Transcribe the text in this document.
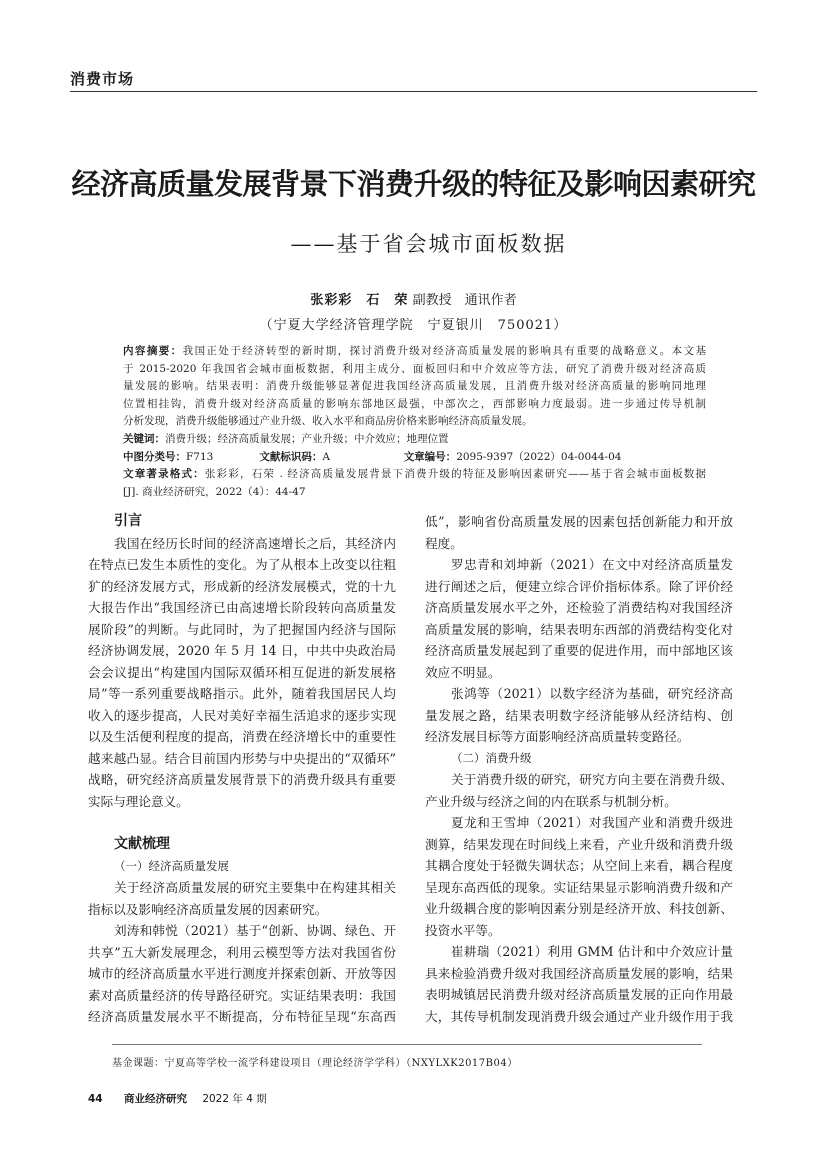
消费市场
经济高质量发展背景下消费升级的特征及影响因素研究
——基于省会城市面板数据
张彩彩　石　荣 副教授　通讯作者
（宁夏大学经济管理学院　宁夏银川　750021）
内容摘要：我国正处于经济转型的新时期，探讨消费升级对经济高质量发展的影响具有重要的战略意义。本文基
于 2015-2020 年我国省会城市面板数据，利用主成分、面板回归和中介效应等方法，研究了消费升级对经济高质
量发展的影响。结果表明：消费升级能够显著促进我国经济高质量发展，且消费升级对经济高质量的影响同地理
位置相挂钩，消费升级对经济高质量的影响东部地区最强，中部次之，西部影响力度最弱。进一步通过传导机制
分析发现，消费升级能够通过产业升级、收入水平和商品房价格来影响经济高质量发展。
关键词：消费升级；经济高质量发展；产业升级；中介效应；地理位置
中图分类号：F713	文献标识码：A	文章编号：2095-9397（2022）04-0044-04
文章著录格式：张彩彩，石荣 . 经济高质量发展背景下消费升级的特征及影响因素研究——基于省会城市面板数据
[J]. 商业经济研究，2022（4）：44-47
引言
我国在经历长时间的经济高速增长之后，其经济内
在特点已发生本质性的变化。为了从根本上改变以往粗
犷的经济发展方式，形成新的经济发展模式，党的十九
大报告作出“我国经济已由高速增长阶段转向高质量发
展阶段”的判断。与此同时，为了把握国内经济与国际
经济协调发展，2020 年 5 月 14 日，中共中央政治局
会会议提出“构建国内国际双循环相互促进的新发展格
局”等一系列重要战略指示。此外，随着我国居民人均
收入的逐步提高，人民对美好幸福生活追求的逐步实现
以及生活便利程度的提高，消费在经济增长中的重要性
越来越凸显。结合目前国内形势与中央提出的“双循环”
战略，研究经济高质量发展背景下的消费升级具有重要
实际与理论意义。
文献梳理
（一）经济高质量发展
关于经济高质量发展的研究主要集中在构建其相关
指标以及影响经济高质量发展的因素研究。
刘涛和韩悦（2021）基于“创新、协调、绿色、开
共享”五大新发展理念，利用云模型等方法对我国省份
城市的经济高质量水平进行测度并探索创新、开放等因
素对高质量经济的传导路径研究。实证结果表明：我国
经济高质量发展水平不断提高，分布特征呈现“东高西
低”，影响省份高质量发展的因素包括创新能力和开放
程度。
罗忠青和刘坤新（2021）在文中对经济高质量发
进行阐述之后，便建立综合评价指标体系。除了评价经
济高质量发展水平之外，还检验了消费结构对我国经济
高质量发展的影响，结果表明东西部的消费结构变化对
经济高质量发展起到了重要的促进作用，而中部地区该
效应不明显。
张鸿等（2021）以数字经济为基础，研究经济高
量发展之路，结果表明数字经济能够从经济结构、创
经济发展目标等方面影响经济高质量转变路径。
（二）消费升级
关于消费升级的研究，研究方向主要在消费升级、
产业升级与经济之间的内在联系与机制分析。
夏龙和王雪坤（2021）对我国产业和消费升级进
测算，结果发现在时间线上来看，产业升级和消费升级
其耦合度处于轻微失调状态；从空间上来看，耦合程度
呈现东高西低的现象。实证结果显示影响消费升级和产
业升级耦合度的影响因素分别是经济开放、科技创新、
投资水平等。
崔耕瑞（2021）利用 GMM 估计和中介效应计量
具来检验消费升级对我国经济高质量发展的影响，结果
表明城镇居民消费升级对经济高质量发展的正向作用最
大，其传导机制发现消费升级会通过产业升级作用于我
基金课题：宁夏高等学校一流学科建设项目（理论经济学学科）（NXYLXK2017B04）
44 商业经济研究 2022 年 4 期
